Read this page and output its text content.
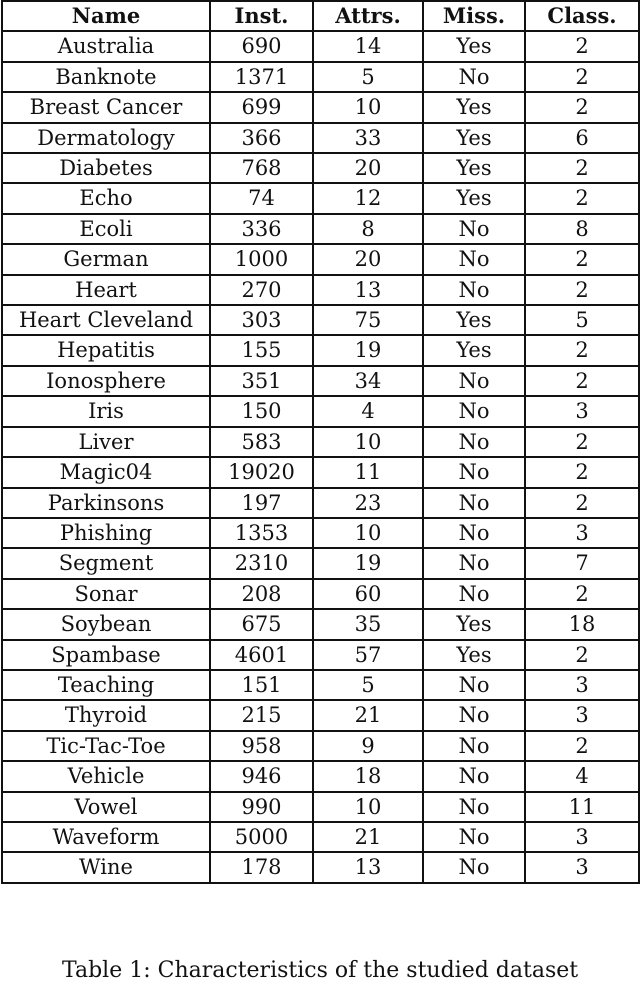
Name	Inst.	Attrs.	Miss.	Class.
Australia	690	14	Yes	2
Banknote	1371	5	No	2
Breast Cancer	699	10	Yes	2
Dermatology	366	33	Yes	6
Diabetes	768	20	Yes	2
Echo	74	12	Yes	2
Ecoli	336	8	No	8
German	1000	20	No	2
Heart	270	13	No	2
Heart Cleveland	303	75	Yes	5
Hepatitis	155	19	Yes	2
Ionosphere	351	34	No	2
Iris	150	4	No	3
Liver	583	10	No	2
Magic04	19020	11	No	2
Parkinsons	197	23	No	2
Phishing	1353	10	No	3
Segment	2310	19	No	7
Sonar	208	60	No	2
Soybean	675	35	Yes	18
Spambase	4601	57	Yes	2
Teaching	151	5	No	3
Thyroid	215	21	No	3
Tic-Tac-Toe	958	9	No	2
Vehicle	946	18	No	4
Vowel	990	10	No	11
Waveform	5000	21	No	3
Wine	178	13	No	3
Table 1: Characteristics of the studied dataset
